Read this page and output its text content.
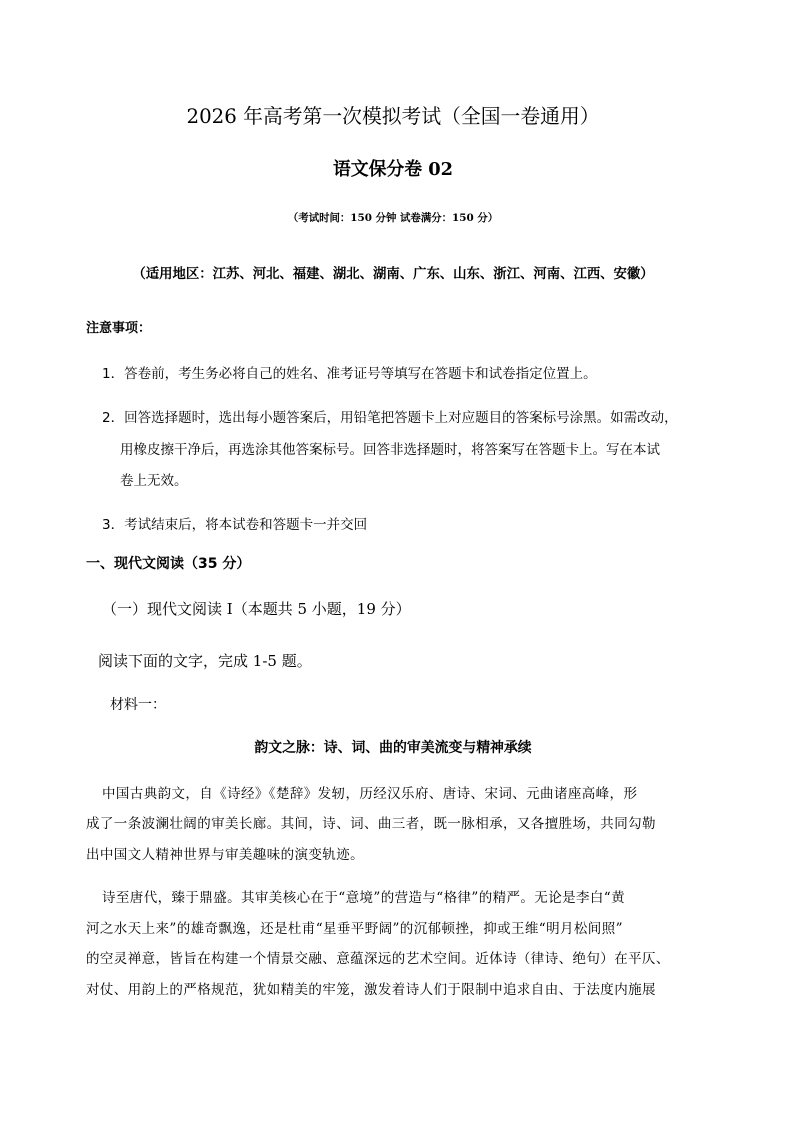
2026 年高考第一次模拟考试（全国一卷通用）
语文保分卷 02
（考试时间：150 分钟 试卷满分：150 分）
（适用地区：江苏、河北、福建、湖北、湖南、广东、山东、浙江、河南、江西、安徽）
注意事项：
1．答卷前，考生务必将自己的姓名、准考证号等填写在答题卡和试卷指定位置上。
2．回答选择题时，选出每小题答案后，用铅笔把答题卡上对应题目的答案标号涂黑。如需改动，
用橡皮擦干净后，再选涂其他答案标号。回答非选择题时，将答案写在答题卡上。写在本试
卷上无效。
3．考试结束后，将本试卷和答题卡一并交回
一、现代文阅读（35 分）
（一）现代文阅读 I（本题共 5 小题，19 分）
阅读下面的文字，完成 1-5 题。
材料一：
韵文之脉：诗、词、曲的审美流变与精神承续
中国古典韵文，自《诗经》《楚辞》发轫，历经汉乐府、唐诗、宋词、元曲诸座高峰，形
成了一条波澜壮阔的审美长廊。其间，诗、词、曲三者，既一脉相承，又各擅胜场，共同勾勒
出中国文人精神世界与审美趣味的演变轨迹。
诗至唐代，臻于鼎盛。其审美核心在于“意境”的营造与“格律”的精严。无论是李白“黄
河之水天上来”的雄奇飘逸，还是杜甫“星垂平野阔”的沉郁顿挫，抑或王维“明月松间照”
的空灵禅意，皆旨在构建一个情景交融、意蕴深远的艺术空间。近体诗（律诗、绝句）在平仄、
对仗、用韵上的严格规范，犹如精美的牢笼，激发着诗人们于限制中追求自由、于法度内施展
